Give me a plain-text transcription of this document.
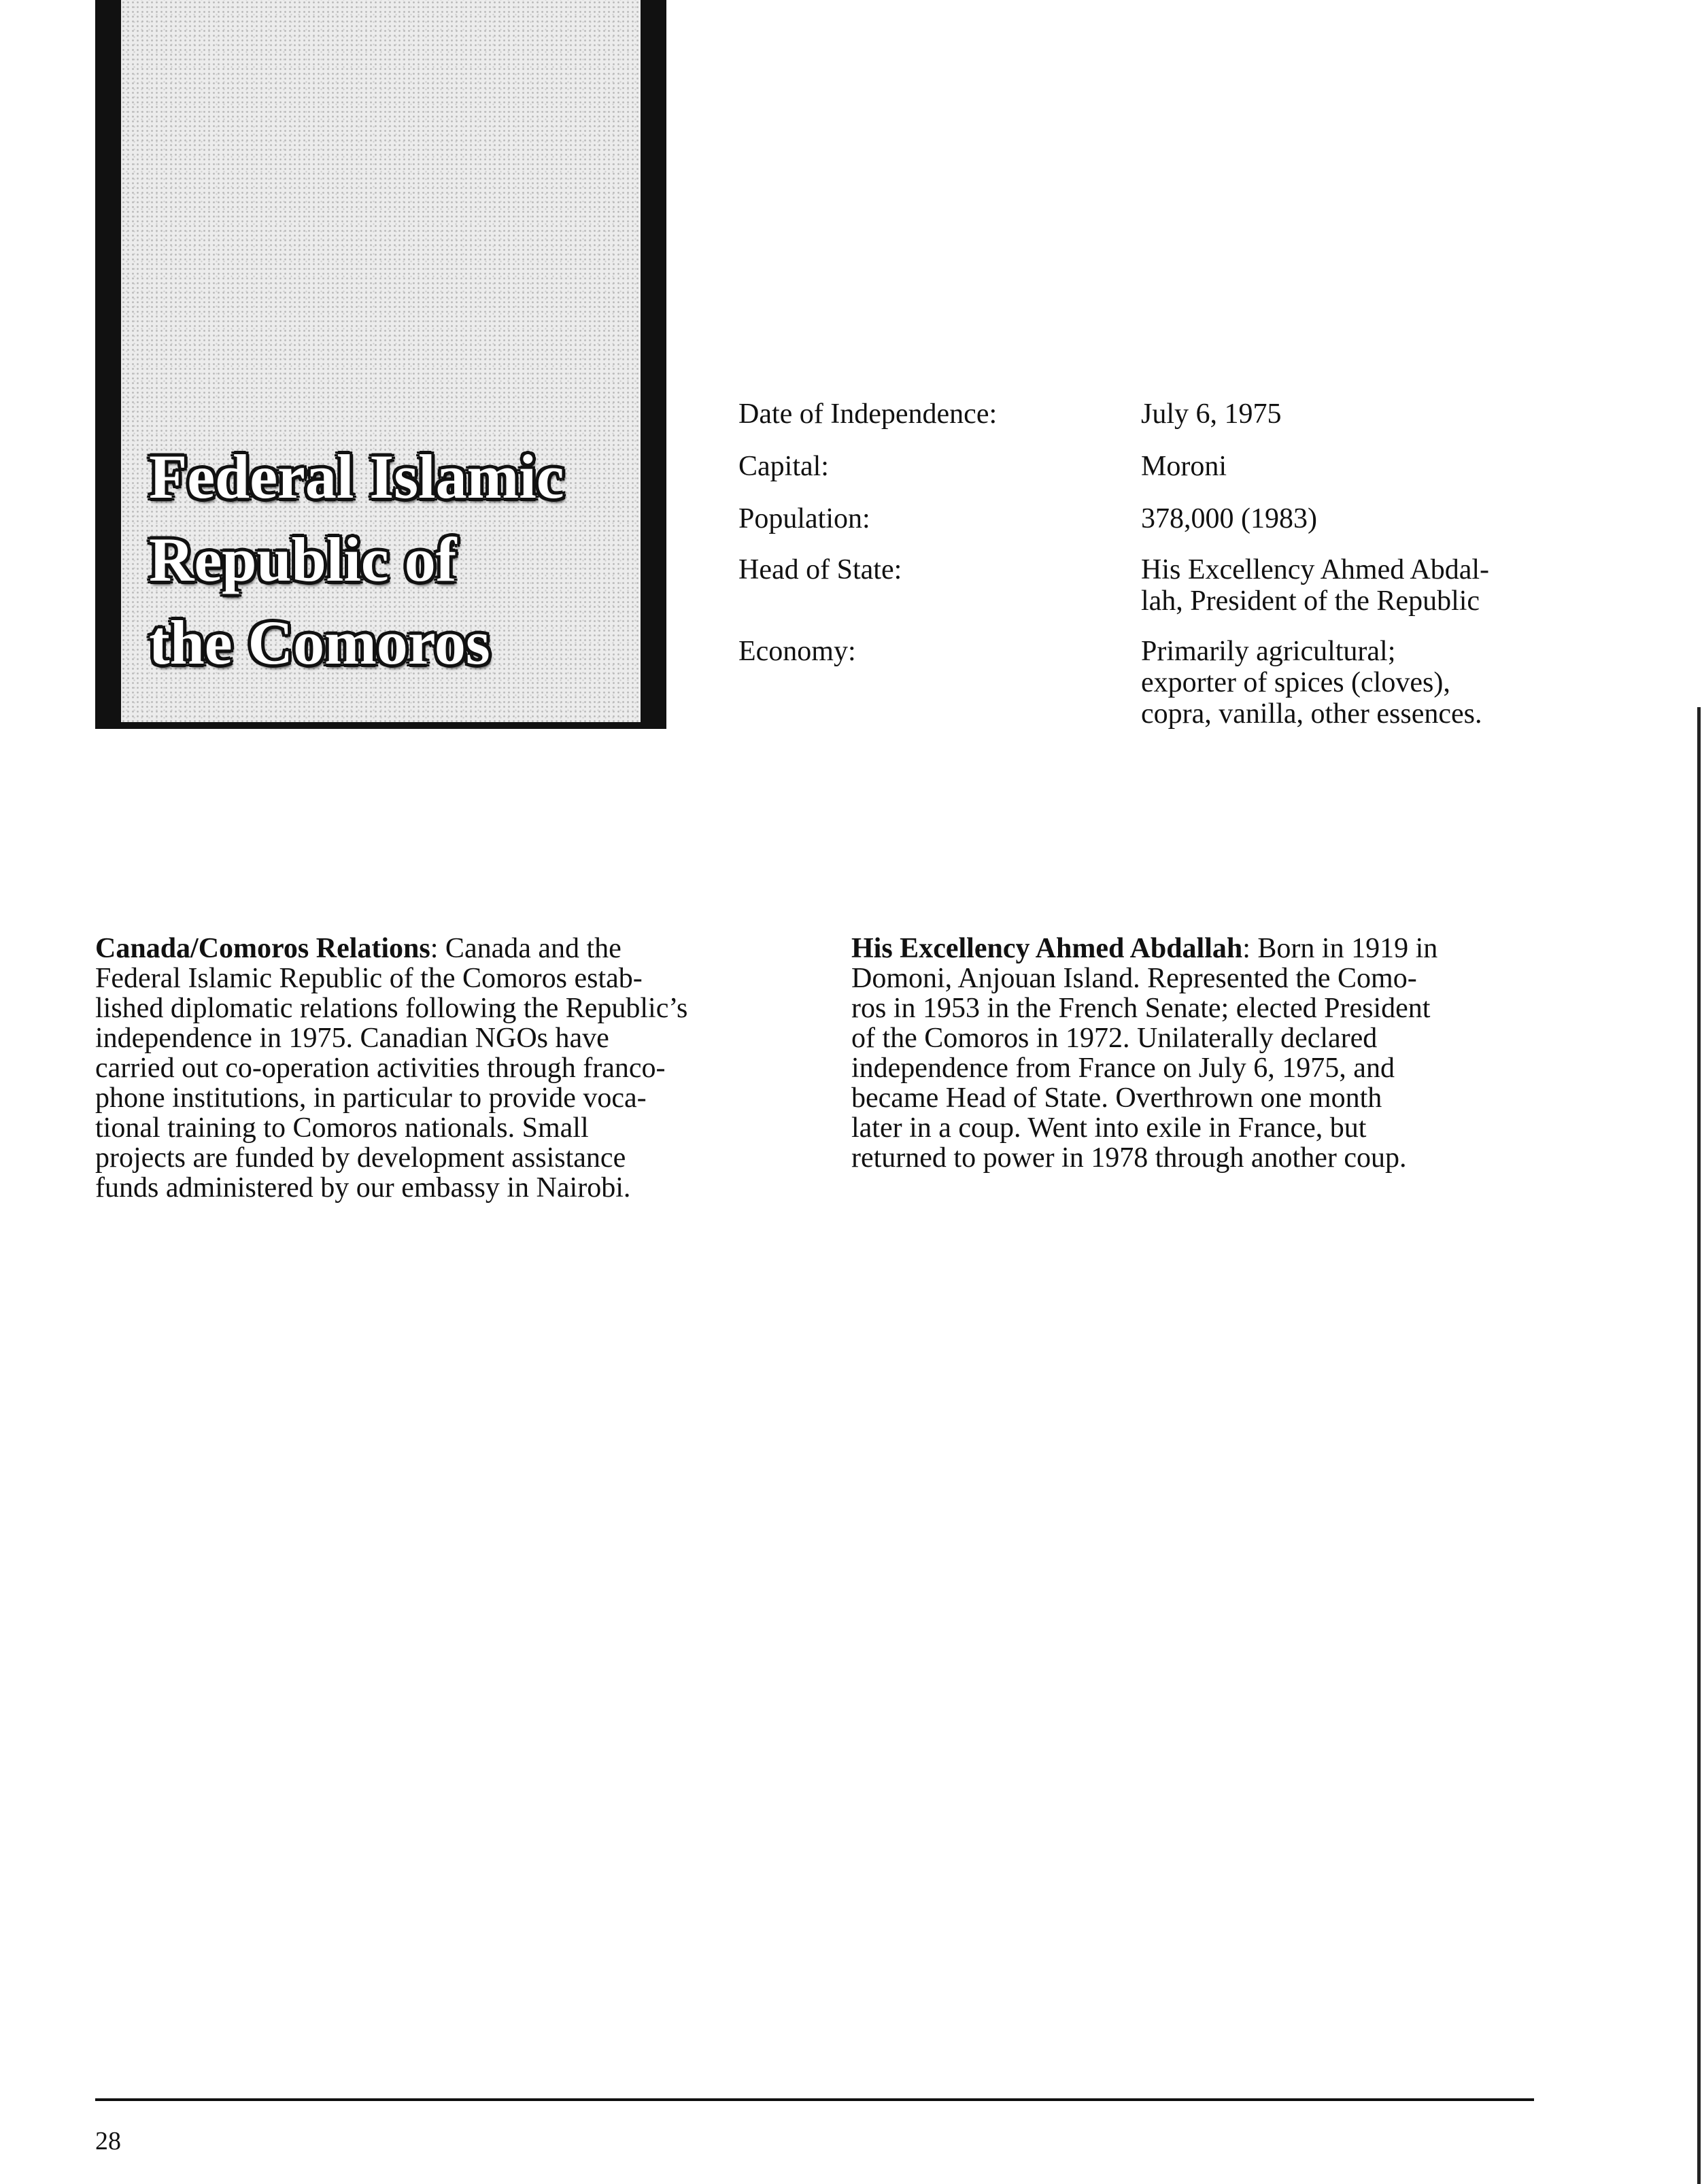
Federal Islamic
Republic of
the Comoros
Date of Independence:	July 6, 1975
Capital:	Moroni
Population:	378,000 (1983)
Head of State:	His Excellency Ahmed Abdal-
lah, President of the Republic
Economy:	Primarily agricultural;
exporter of spices (cloves),
copra, vanilla, other essences.
Canada/Comoros Relations: Canada and the
Federal Islamic Republic of the Comoros estab-
lished diplomatic relations following the Republic’s
independence in 1975. Canadian NGOs have
carried out co-operation activities through franco-
phone institutions, in particular to provide voca-
tional training to Comoros nationals. Small
projects are funded by development assistance
funds administered by our embassy in Nairobi.
His Excellency Ahmed Abdallah: Born in 1919 in
Domoni, Anjouan Island. Represented the Como-
ros in 1953 in the French Senate; elected President
of the Comoros in 1972. Unilaterally declared
independence from France on July 6, 1975, and
became Head of State. Overthrown one month
later in a coup. Went into exile in France, but
returned to power in 1978 through another coup.
28
